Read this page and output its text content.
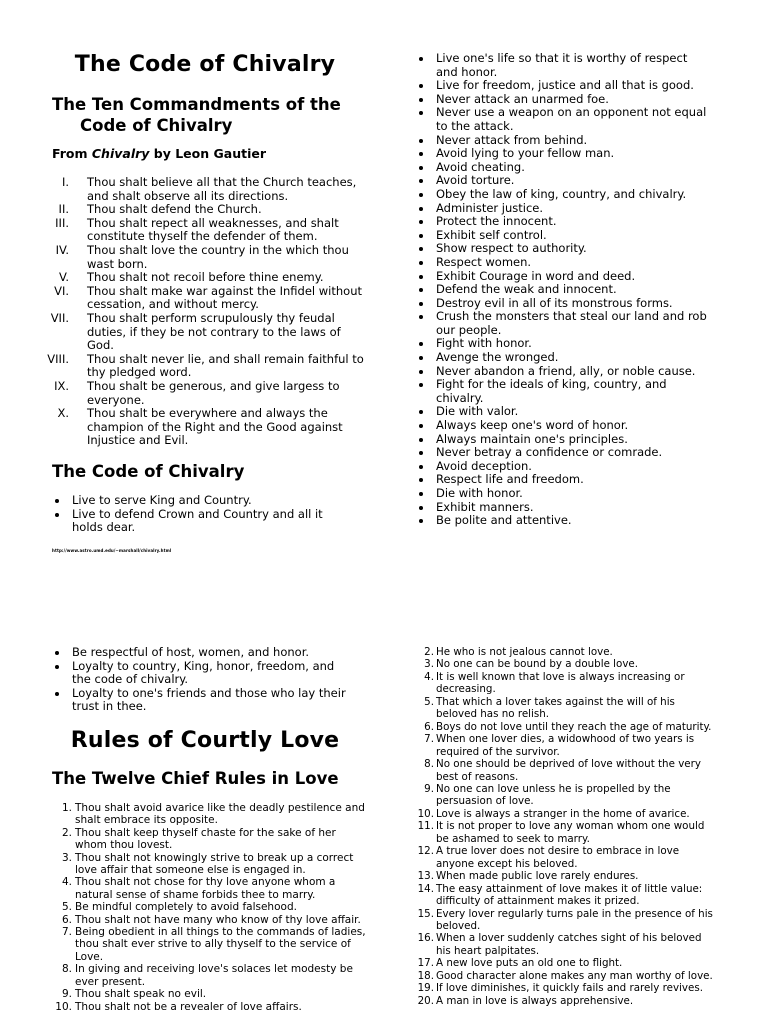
The Code of Chivalry
The Ten Commandments of the
Code of Chivalry

From Chivalry by Leon Gautier

I. Thou shalt believe all that the Church teaches, and shalt observe all its directions.
II. Thou shalt defend the Church.
III. Thou shalt repect all weaknesses, and shalt constitute thyself the defender of them.
IV. Thou shalt love the country in the which thou wast born.
V. Thou shalt not recoil before thine enemy.
VI. Thou shalt make war against the Infidel without cessation, and without mercy.
VII. Thou shalt perform scrupulously thy feudal duties, if they be not contrary to the laws of God.
VIII. Thou shalt never lie, and shall remain faithful to thy pledged word.
IX. Thou shalt be generous, and give largess to everyone.
X. Thou shalt be everywhere and always the champion of the Right and the Good against Injustice and Evil.
The Code of Chivalry
Live to serve King and Country.
Live to defend Crown and Country and all it holds dear.
http://www.astro.umd.edu/~marshall/chivalry.html
Live one's life so that it is worthy of respect and honor.
Live for freedom, justice and all that is good.
Never attack an unarmed foe.
Never use a weapon on an opponent not equal to the attack.
Never attack from behind.
Avoid lying to your fellow man.
Avoid cheating.
Avoid torture.
Obey the law of king, country, and chivalry.
Administer justice.
Protect the innocent.
Exhibit self control.
Show respect to authority.
Respect women.
Exhibit Courage in word and deed.
Defend the weak and innocent.
Destroy evil in all of its monstrous forms.
Crush the monsters that steal our land and rob our people.
Fight with honor.
Avenge the wronged.
Never abandon a friend, ally, or noble cause.
Fight for the ideals of king, country, and chivalry.
Die with valor.
Always keep one's word of honor.
Always maintain one's principles.
Never betray a confidence or comrade.
Avoid deception.
Respect life and freedom.
Die with honor.
Exhibit manners.
Be polite and attentive.
Be respectful of host, women, and honor.
Loyalty to country, King, honor, freedom, and the code of chivalry.
Loyalty to one's friends and those who lay their trust in thee.
Rules of Courtly Love
The Twelve Chief Rules in Love
1. Thou shalt avoid avarice like the deadly pestilence and shalt embrace its opposite.
2. Thou shalt keep thyself chaste for the sake of her whom thou lovest.
3. Thou shalt not knowingly strive to break up a correct love affair that someone else is engaged in.
4. Thou shalt not chose for thy love anyone whom a natural sense of shame forbids thee to marry.
5. Be mindful completely to avoid falsehood.
6. Thou shalt not have many who know of thy love affair.
7. Being obedient in all things to the commands of ladies, thou shalt ever strive to ally thyself to the service of Love.
8. In giving and receiving love's solaces let modesty be ever present.
9. Thou shalt speak no evil.
10. Thou shalt not be a revealer of love affairs.
2. He who is not jealous cannot love.
3. No one can be bound by a double love.
4. It is well known that love is always increasing or decreasing.
5. That which a lover takes against the will of his beloved has no relish.
6. Boys do not love until they reach the age of maturity.
7. When one lover dies, a widowhood of two years is required of the survivor.
8. No one should be deprived of love without the very best of reasons.
9. No one can love unless he is propelled by the persuasion of love.
10. Love is always a stranger in the home of avarice.
11. It is not proper to love any woman whom one would be ashamed to seek to marry.
12. A true lover does not desire to embrace in love anyone except his beloved.
13. When made public love rarely endures.
14. The easy attainment of love makes it of little value: difficulty of attainment makes it prized.
15. Every lover regularly turns pale in the presence of his beloved.
16. When a lover suddenly catches sight of his beloved his heart palpitates.
17. A new love puts an old one to flight.
18. Good character alone makes any man worthy of love.
19. If love diminishes, it quickly fails and rarely revives.
20. A man in love is always apprehensive.
